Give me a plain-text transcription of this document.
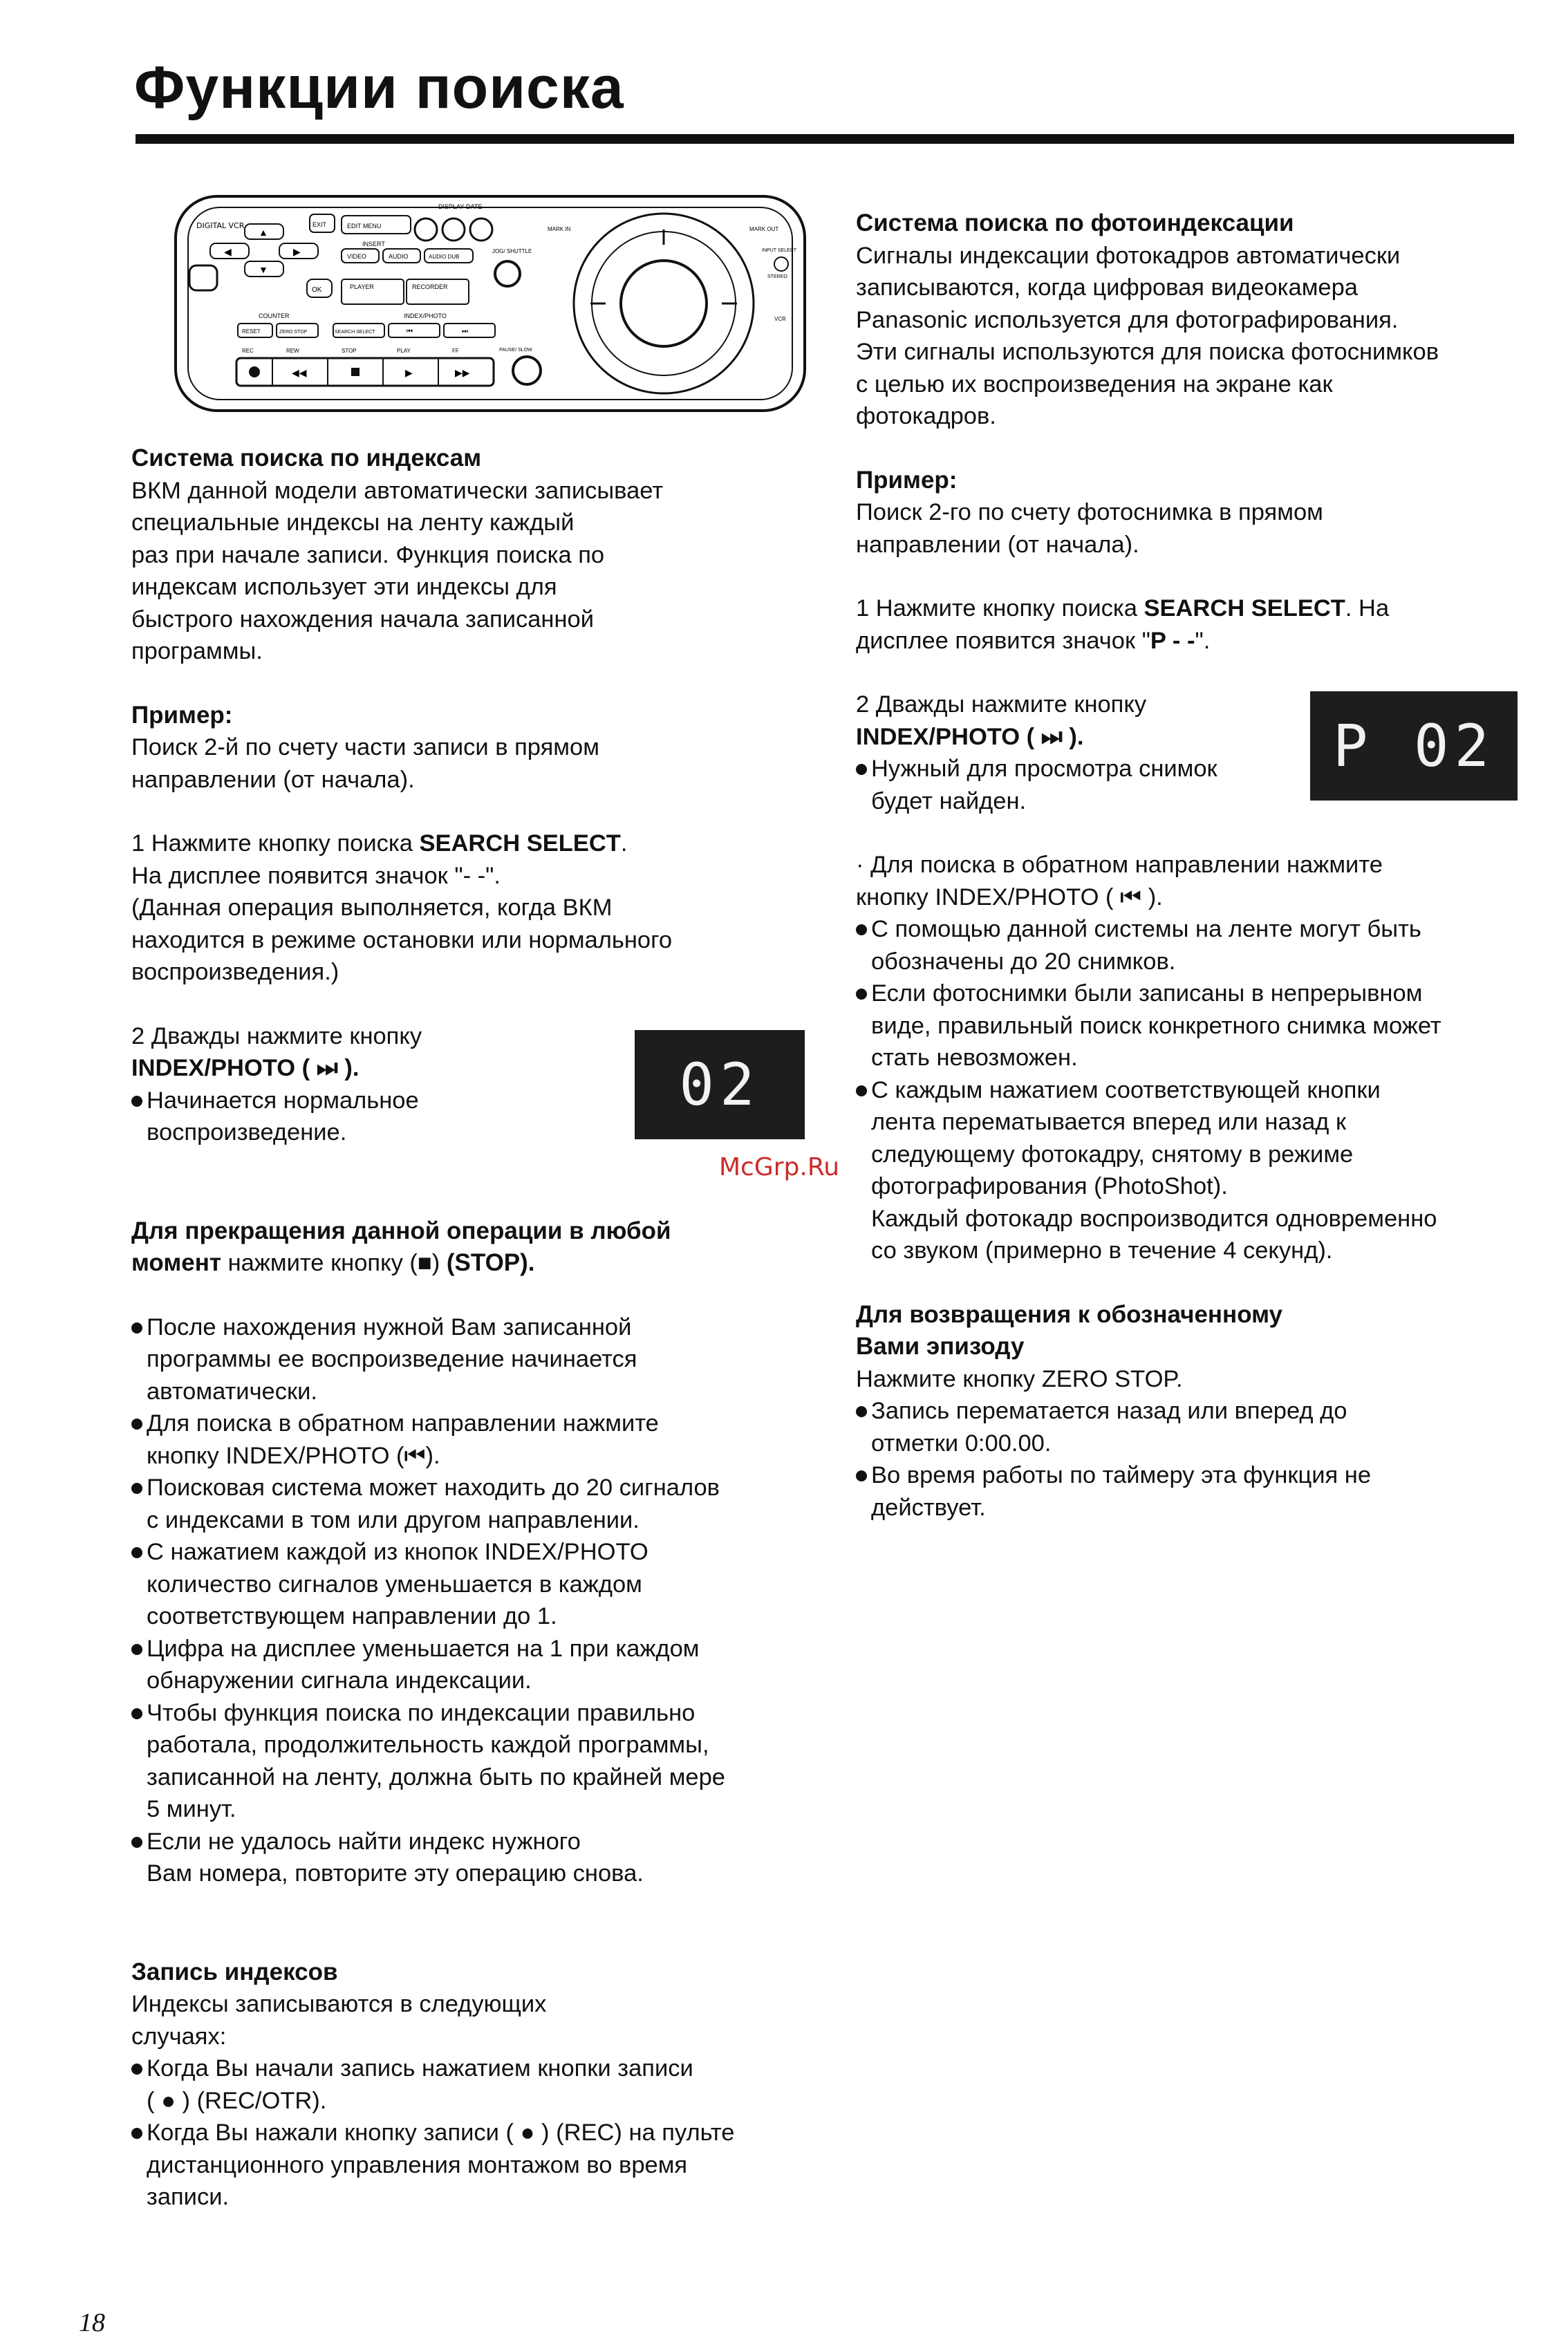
Функции поиска
DIGITAL VCR
▲
◀	▶
▼
EXIT	EDIT MENU
DISPLAY DATE
INSERT
VIDEO	AUDIO	AUDIO DUB
JOG/ SHUTTLE
OK	PLAYER	RECORDER
COUNTER	INDEX/PHOTO
RESET	ZERO STOP	SEARCH SELECT	⏮	⏭
REC	REW	STOP	PLAY	FF
◀◀	▶	▶▶
PAUSE/ SLOW
MARK IN	MARK OUT
INPUT SELECT
STEREO
VCR
02
P 02

Система поиска по индексам

ВКМ данной модели автоматически записывает
специальные индексы на ленту каждый
раз при начале записи. Функция поиска по
индексам использует эти индексы для
быстрого нахождения начала записанной
программы.

Пример:

Поиск 2-й по счету части записи в прямом
направлении (от начала).

1 Нажмите кнопку поиска SEARCH SELECT.

На дисплее появится значок "- -".
(Данная операция выполняется, когда ВКМ
находится в режиме остановки или нормального
воспроизведения.)

2 Дважды нажмите кнопку

INDEX/PHOTO ( ⏭ ).

Начинается нормальное
воспроизведение.

Для прекращения данной операции в любой
момент нажмите кнопку (■) (STOP).

После нахождения нужной Вам записанной
программы ее воспроизведение начинается
автоматически.

Для поиска в обратном направлении нажмите
кнопку INDEX/PHOTO (⏮).

Поисковая система может находить до 20 сигналов
с индексами в том или другом направлении.

С нажатием каждой из кнопок INDEX/PHOTO
количество сигналов уменьшается в каждом
соответствующем направлении до 1.

Цифра на дисплее уменьшается на 1 при каждом
обнаружении сигнала индексации.

Чтобы функция поиска по индексации правильно
работала, продолжительность каждой программы,
записанной на ленту, должна быть по крайней мере
5 минут.

Если не удалось найти индекс нужного
Вам номера, повторите эту операцию снова.

Запись индексов

Индексы записываются в следующих
случаях:

Когда Вы начали запись нажатием кнопки записи
( ● ) (REC/OTR).

Когда Вы нажали кнопку записи ( ● ) (REC) на пульте
дистанционного управления монтажом во время
записи.

Система поиска по фотоиндексации

Сигналы индексации фотокадров автоматически
записываются, когда цифровая видеокамера
Panasonic используется для фотографирования.
Эти сигналы используются для поиска фотоснимков
с целью их воспроизведения на экране как
фотокадров.

Пример:

Поиск 2-го по счету фотоснимка в прямом
направлении (от начала).

1 Нажмите кнопку поиска SEARCH SELECT. На
дисплее появится значок "P - -".

2 Дважды нажмите кнопку

INDEX/PHOTO ( ⏭ ).

Нужный для просмотра снимок
будет найден.

· Для поиска в обратном направлении нажмите
кнопку INDEX/PHOTO ( ⏮ ).

С помощью данной системы на ленте могут быть
обозначены до 20 снимков.

Если фотоснимки были записаны в непрерывном
виде, правильный поиск конкретного снимка может
стать невозможен.

С каждым нажатием соответствующей кнопки
лента перематывается вперед или назад к
следующему фотокадру, снятому в режиме
фотографирования (PhotoShot).
Каждый фотокадр воспроизводится одновременно
со звуком (примерно в течение 4 секунд).

Для возвращения к обозначенному
Вами эпизоду

Нажмите кнопку ZERO STOP.

Запись перематается назад или вперед до
отметки 0:00.00.

Во время работы по таймеру эта функция не
действует.

McGrp.Ru
18
